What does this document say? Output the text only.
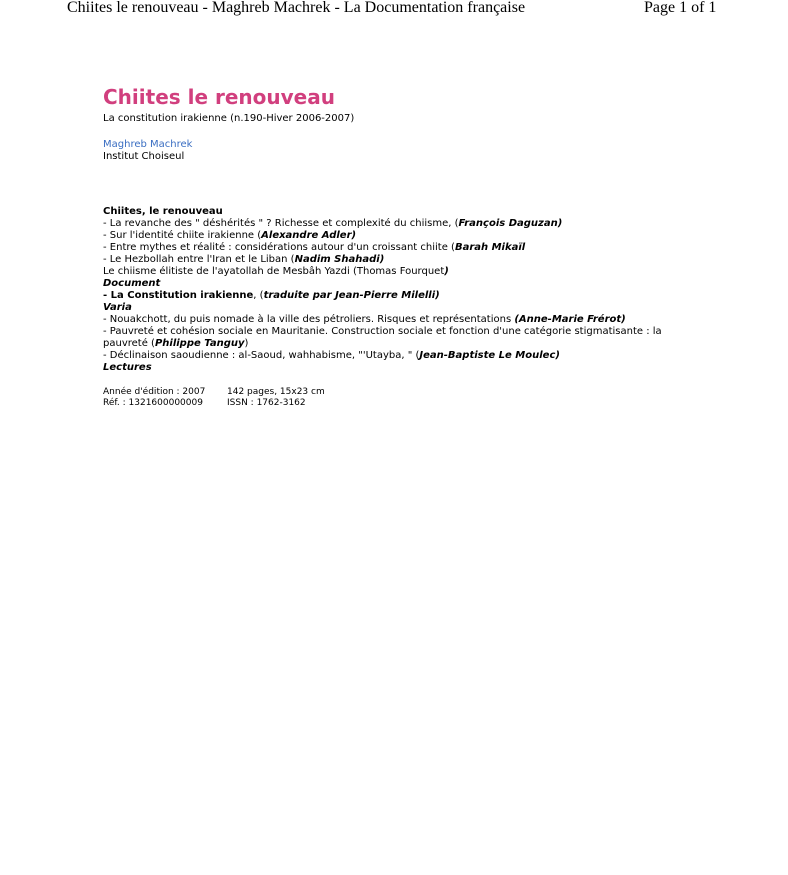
Chiites le renouveau - Maghreb Machrek - La Documentation française	Page 1 of 1
Chiites le renouveau
La constitution irakienne (n.190-Hiver 2006-2007)
Maghreb Machrek
Institut Choiseul
Chiites, le renouveau
- La revanche des " déshérités " ? Richesse et complexité du chiisme, (François Daguzan)
- Sur l'identité chiite irakienne (Alexandre Adler)
- Entre mythes et réalité : considérations autour d'un croissant chiite (Barah Mikaïl
- Le Hezbollah entre l'Iran et le Liban (Nadim Shahadi)
Le chiisme élitiste de l'ayatollah de Mesbâh Yazdi (Thomas Fourquet)
Document
- La Constitution irakienne, (traduite par Jean-Pierre Milelli)
Varia
- Nouakchott, du puis nomade à la ville des pétroliers. Risques et représentations (Anne-Marie Frérot)
- Pauvreté et cohésion sociale en Mauritanie. Construction sociale et fonction d'une catégorie stigmatisante : la pauvreté (Philippe Tanguy)
- Déclinaison saoudienne : al-Saoud, wahhabisme, "'Utayba, " (Jean-Baptiste Le Moulec)
Lectures
Année d'édition : 2007	142 pages, 15x23 cm
Réf. : 1321600000009	ISSN : 1762-3162
